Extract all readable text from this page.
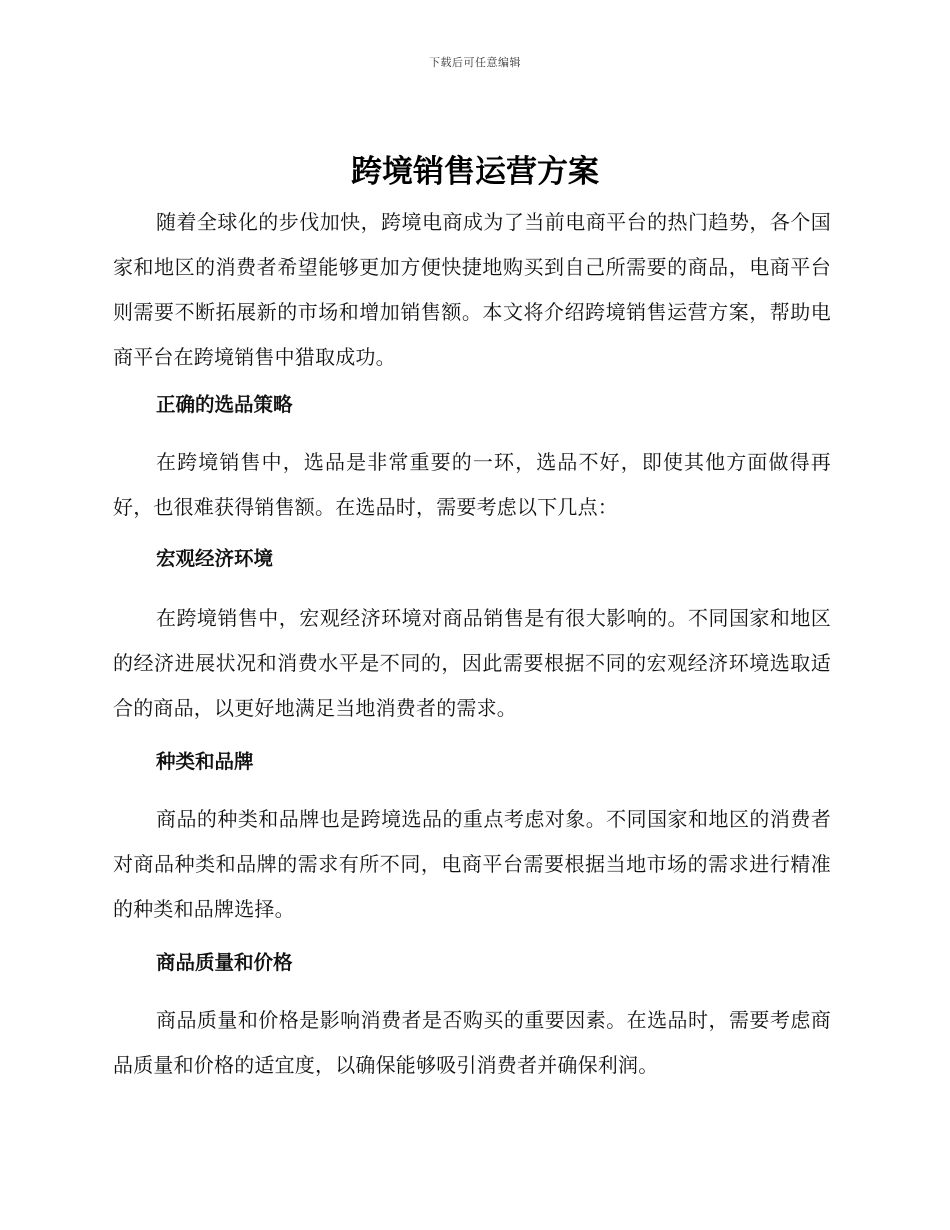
下载后可任意编辑
跨境销售运营方案

随着全球化的步伐加快，跨境电商成为了当前电商平台的热门趋势，各个国家和地区的消费者希望能够更加方便快捷地购买到自己所需要的商品，电商平台则需要不断拓展新的市场和增加销售额。本文将介绍跨境销售运营方案，帮助电商平台在跨境销售中猎取成功。

正确的选品策略

在跨境销售中，选品是非常重要的一环，选品不好，即使其他方面做得再好，也很难获得销售额。在选品时，需要考虑以下几点：

宏观经济环境

在跨境销售中，宏观经济环境对商品销售是有很大影响的。不同国家和地区的经济进展状况和消费水平是不同的，因此需要根据不同的宏观经济环境选取适合的商品，以更好地满足当地消费者的需求。

种类和品牌

商品的种类和品牌也是跨境选品的重点考虑对象。不同国家和地区的消费者对商品种类和品牌的需求有所不同，电商平台需要根据当地市场的需求进行精准的种类和品牌选择。

商品质量和价格

商品质量和价格是影响消费者是否购买的重要因素。在选品时，需要考虑商品质量和价格的适宜度，以确保能够吸引消费者并确保利润。
